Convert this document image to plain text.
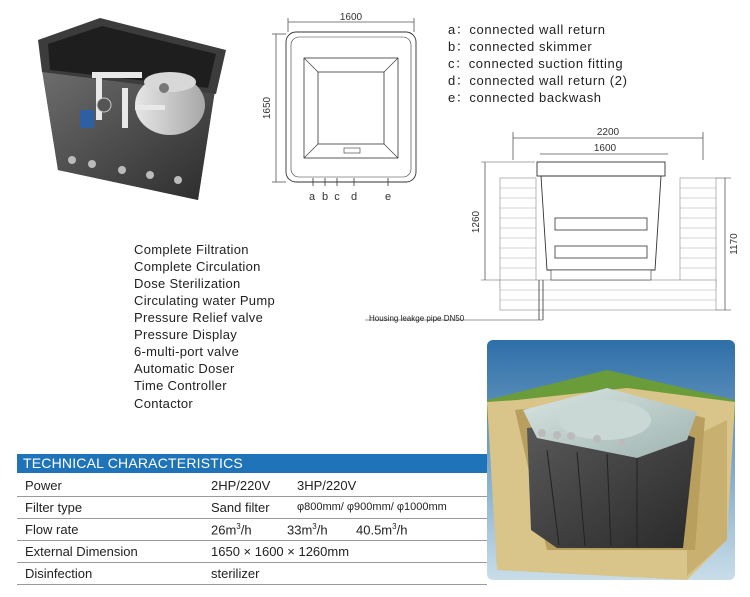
1600
1650
a b c d	e
a：connected wall return
b：connected skimmer
c：connected suction fitting
d：connected wall return (2)
e：connected backwash
2200
1600
1260
1170
Housing leakge pipe DN50
Complete Filtration
Complete Circulation
Dose Sterilization
Circulating water Pump
Pressure Relief valve
Pressure Display
6-multi-port valve
Automatic Doser
Time Controller
Contactor
TECHNICAL CHARACTERISTICS
Power	2HP/220V 3HP/220V
Filter type	Sand filter φ800mm/ φ900mm/ φ1000mm
Flow rate	$26m^3/h$	$33m^3/h$ $40.5m^3/h$
External Dimension	1650 × 1600 × 1260mm
Disinfection	sterilizer
